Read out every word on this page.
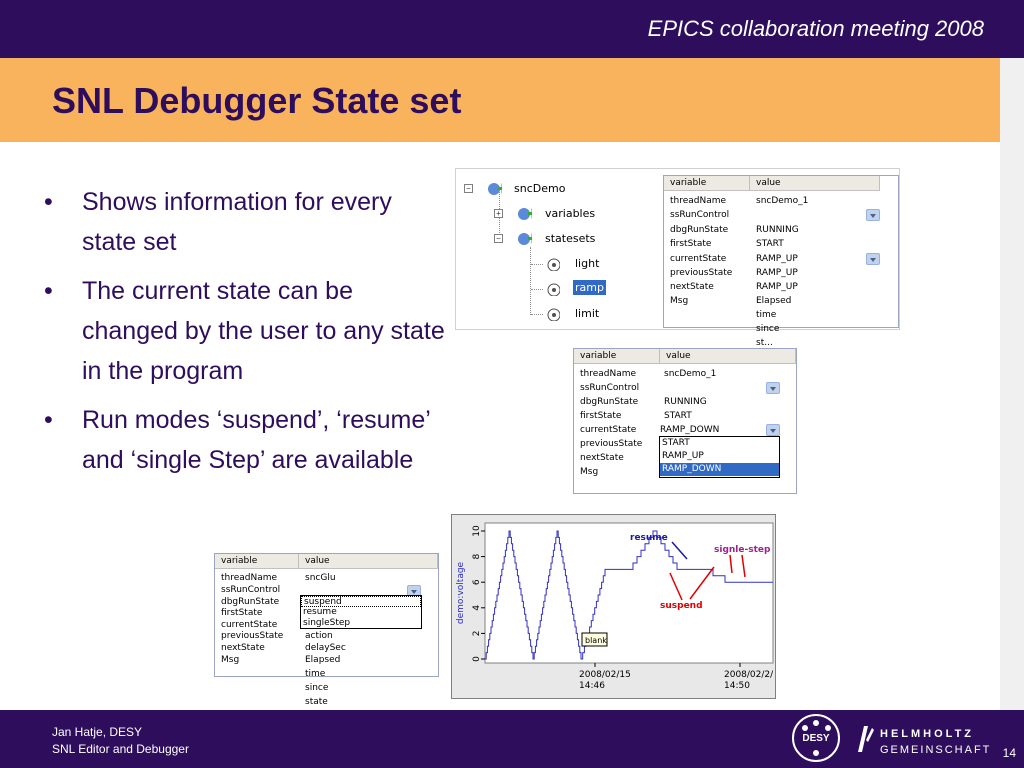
EPICS collaboration meeting 2008
SNL Debugger State set
• Shows information for every state set
• The current state can be changed by the user to any state in the program
• Run modes ‘suspend’, ‘resume’ and ‘single Step’ are available
−	sncDemo
+	variables
−	statesets
light
ramp
limit
variable	value
threadName	sncDemo_1
ssRunControl
dbgRunState	RUNNING
firstState	START
currentState	RAMP_UP
previousState	RAMP_UP
nextState	RAMP_UP
Msg	Elapsed time since st...
variable	value
threadName	sncDemo_1
ssRunControl
dbgRunState	RUNNING
firstState	START
currentState	RAMP_DOWN
previousState
nextState
Msg
START
RAMP_UP
RAMP_DOWN
variable	value
threadName	sncGlu
ssRunControl
dbgRunState
firstState
currentState
previousState action
nextState	delaySec
Msg	Elapsed time since state
suspend
resume
singleStep
0
2
4
6
8
10
demo:voltage
2008/02/15
14:46
2008/02/2/
14:50
resume
signle-step
suspend
blank
Jan Hatje, DESY
SNL Editor and Debugger
DESY	HELMHOLTZ
GEMEINSCHAFT 14
